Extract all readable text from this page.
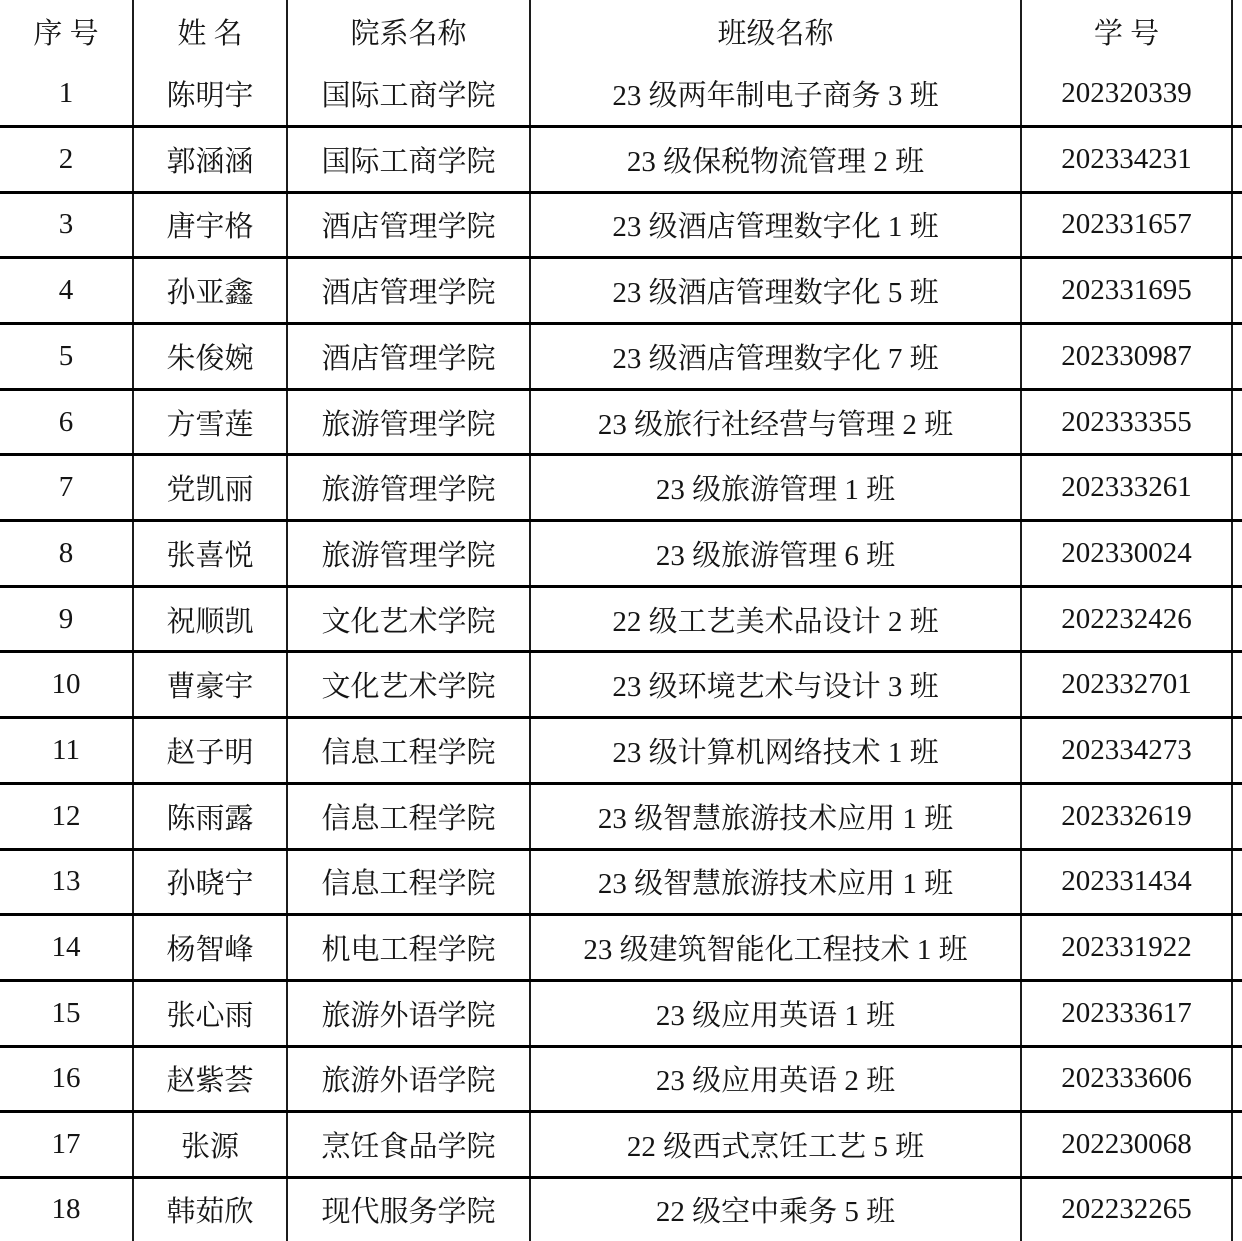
序 号	姓 名	院系名称	班级名称	学 号	
1	陈明宇	国际工商学院	23 级两年制电子商务 3 班	202320339	
2	郭涵涵	国际工商学院	23 级保税物流管理 2 班	202334231	
3	唐宇格	酒店管理学院	23 级酒店管理数字化 1 班	202331657	
4	孙亚鑫	酒店管理学院	23 级酒店管理数字化 5 班	202331695	
5	朱俊婉	酒店管理学院	23 级酒店管理数字化 7 班	202330987	
6	方雪莲	旅游管理学院	23 级旅行社经营与管理 2 班	202333355	
7	党凯丽	旅游管理学院	23 级旅游管理 1 班	202333261	
8	张喜悦	旅游管理学院	23 级旅游管理 6 班	202330024	
9	祝顺凯	文化艺术学院	22 级工艺美术品设计 2 班	202232426	
10	曹豪宇	文化艺术学院	23 级环境艺术与设计 3 班	202332701	
11	赵子明	信息工程学院	23 级计算机网络技术 1 班	202334273	
12	陈雨露	信息工程学院	23 级智慧旅游技术应用 1 班	202332619	
13	孙晓宁	信息工程学院	23 级智慧旅游技术应用 1 班	202331434	
14	杨智峰	机电工程学院	23 级建筑智能化工程技术 1 班	202331922	
15	张心雨	旅游外语学院	23 级应用英语 1 班	202333617	
16	赵紫荟	旅游外语学院	23 级应用英语 2 班	202333606	
17	张源	烹饪食品学院	22 级西式烹饪工艺 5 班	202230068	
18	韩茹欣	现代服务学院	22 级空中乘务 5 班	202232265	
